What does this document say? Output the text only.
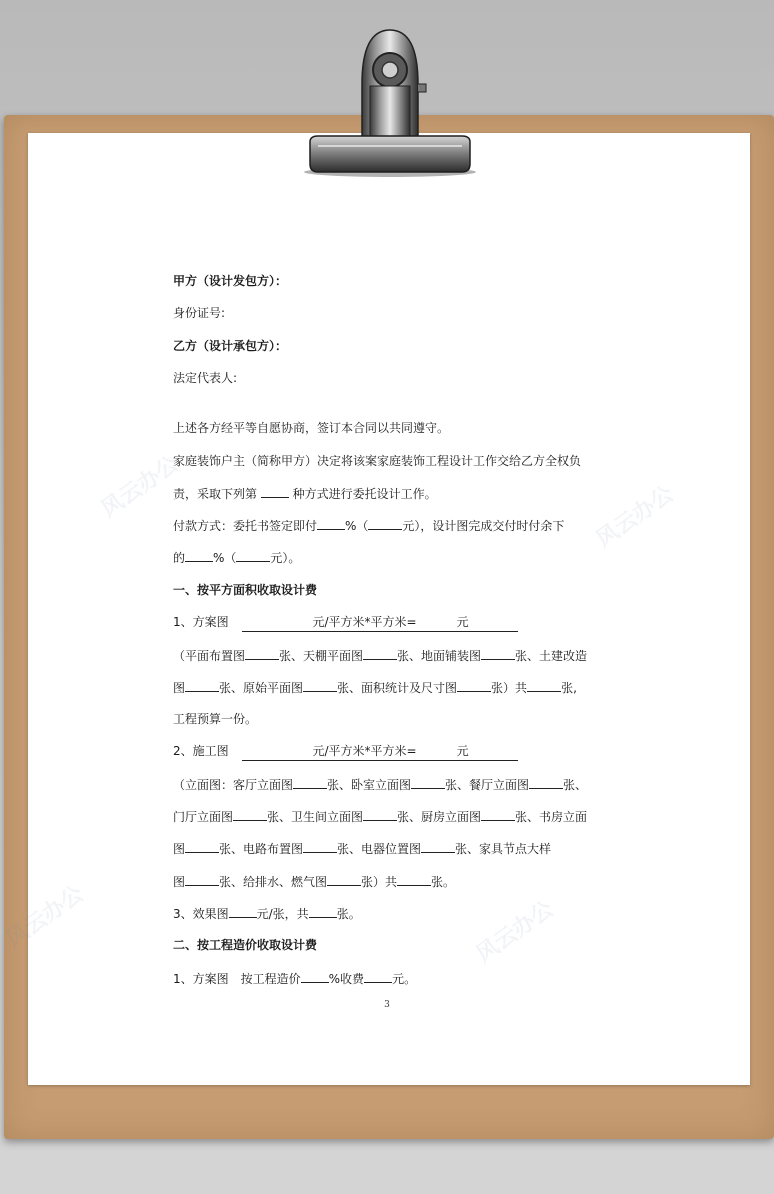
风云办公	风云办公
风云办公	风云办公
甲方（设计发包方）：
身份证号:
乙方（设计承包方）：
法定代表人:
上述各方经平等自愿协商，签订本合同以共同遵守。
家庭装饰户主（简称甲方）决定将该案家庭装饰工程设计工作交给乙方全权负
责，采取下列第	种方式进行委托设计工作。
付款方式：委托书签定即付 %（	元），设计图完成交付时付余下
的 %（	元）。
一、按平方面积收取设计费
1、方案图	元/平方米*平方米=	元
（平面布置图	张、天棚平面图	张、地面铺装图	张、土建改造
图	张、原始平面图	张、面积统计及尺寸图	张）共	张,
工程预算一份。
2、施工图	元/平方米*平方米=	元
（立面图：客厅立面图	张、卧室立面图	张、餐厅立面图	张、
门厅立面图	张、卫生间立面图	张、厨房立面图	张、书房立面
图	张、电路布置图	张、电器位置图	张、家具节点大样
图	张、给排水、燃气图	张）共	张。
3、效果图 元/张，共 张。
二、按工程造价收取设计费
1、方案图 按工程造价 %收费 元。
3
